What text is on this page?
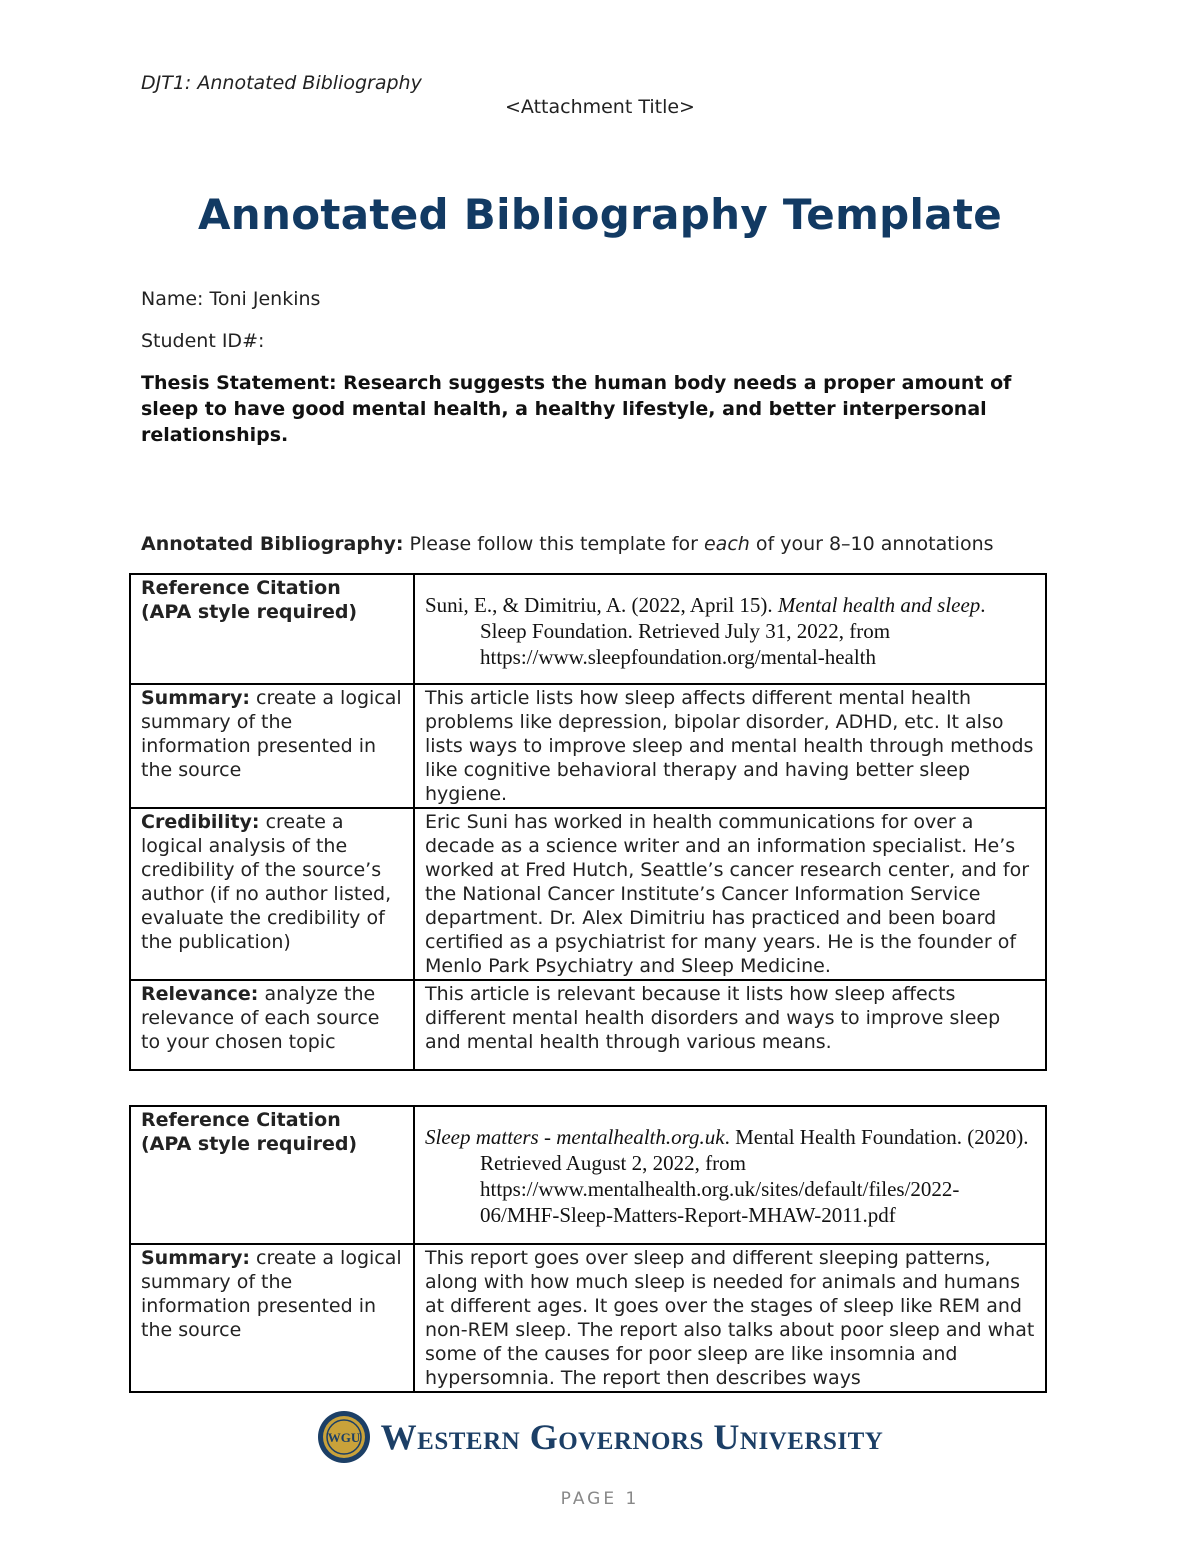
DJT1: Annotated Bibliography
<Attachment Title>
Annotated Bibliography Template
Name: Toni Jenkins
Student ID#:
Thesis Statement: Research suggests the human body needs a proper amount of sleep to have good mental health, a healthy lifestyle, and better interpersonal relationships.
Annotated Bibliography: Please follow this template for each of your 8–10 annotations
Reference Citation
(APA style required)	Suni, E., & Dimitriu, A. (2022, April 15). Mental health and sleep. Sleep Foundation. Retrieved July 31, 2022, from https://www.sleepfoundation.org/mental-health

Summary: create a logical summary of the information presented in the source	This article lists how sleep affects different mental health problems like depression, bipolar disorder, ADHD, etc. It also lists ways to improve sleep and mental health through methods like cognitive behavioral therapy and having better sleep hygiene.
Credibility: create a logical analysis of the credibility of the source’s author (if no author listed, evaluate the credibility of the publication)	Eric Suni has worked in health communications for over a decade as a science writer and an information specialist. He’s worked at Fred Hutch, Seattle’s cancer research center, and for the National Cancer Institute’s Cancer Information Service department. Dr. Alex Dimitriu has practiced and been board certified as a psychiatrist for many years. He is the founder of Menlo Park Psychiatry and Sleep Medicine.
Relevance: analyze the relevance of each source to your chosen topic	This article is relevant because it lists how sleep affects different mental health disorders and ways to improve sleep and mental health through various means.
Reference Citation
(APA style required)	Sleep matters - mentalhealth.org.uk. Mental Health Foundation. (2020). Retrieved August 2, 2022, from https://www.mentalhealth.org.uk/sites/default/files/2022-06/MHF-Sleep-Matters-Report-MHAW-2011.pdf

Summary: create a logical summary of the information presented in the source	This report goes over sleep and different sleeping patterns, along with how much sleep is needed for animals and humans at different ages. It goes over the stages of sleep like REM and non-REM sleep. The report also talks about poor sleep and what some of the causes for poor sleep are like insomnia and hypersomnia. The report then describes ways
WGU Western Governors University
PAGE 1
